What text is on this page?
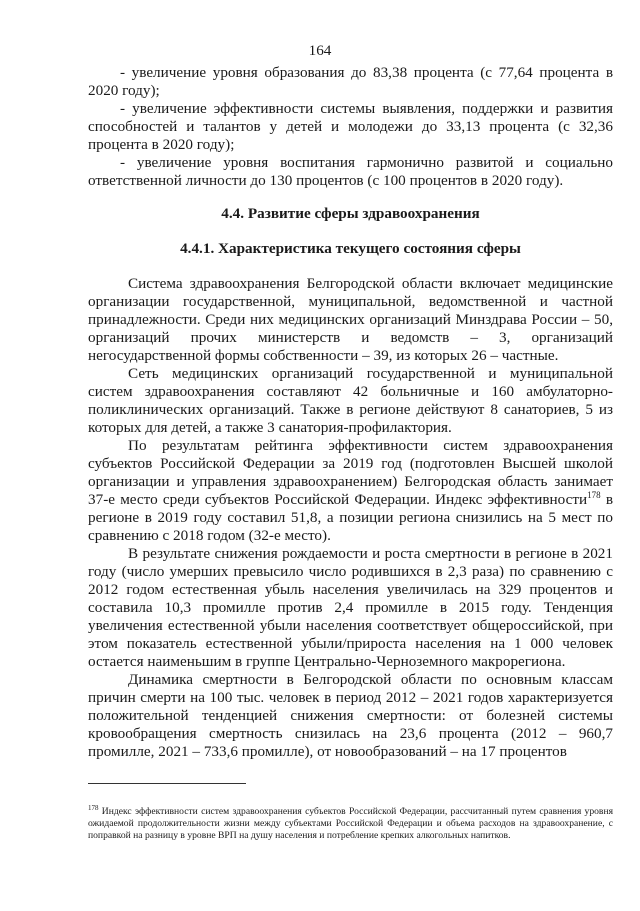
164

- увеличение уровня образования до 83,38 процента (с 77,64 процента в 2020 году);

- увеличение эффективности системы выявления, поддержки и развития способностей и талантов у детей и молодежи до 33,13 процента (с 32,36 процента в 2020 году);

- увеличение уровня воспитания гармонично развитой и социально ответственной личности до 130 процентов (с 100 процентов в 2020 году).

4.4. Развитие сферы здравоохранения

4.4.1. Характеристика текущего состояния сферы

Система здравоохранения Белгородской области включает медицинские организации государственной, муниципальной, ведомственной и частной принадлежности. Среди них медицинских организаций Минздрава России – 50, организаций прочих министерств и ведомств – 3, организаций негосударственной формы собственности – 39, из которых 26 – частные.

Сеть медицинских организаций государственной и муниципальной систем здравоохранения составляют 42 больничные и 160 амбулаторно-поликлинических организаций. Также в регионе действуют 8 санаториев, 5 из которых для детей, а также 3 санатория-профилактория.

По результатам рейтинга эффективности систем здравоохранения субъектов Российской Федерации за 2019 год (подготовлен Высшей школой организации и управления здравоохранением) Белгородская область занимает 37-е место среди субъектов Российской Федерации. Индекс эффективности$^{178}$ в регионе в 2019 году составил 51,8, а позиции региона снизились на 5 мест по сравнению с 2018 годом (32-е место).

В результате снижения рождаемости и роста смертности в регионе в 2021 году (число умерших превысило число родившихся в 2,3 раза) по сравнению с 2012 годом естественная убыль населения увеличилась на 329 процентов и составила 10,3 промилле против 2,4 промилле в 2015 году. Тенденция увеличения естественной убыли населения соответствует общероссийской, при этом показатель естественной убыли/прироста населения на 1 000 человек остается наименьшим в группе Центрально-Черноземного макрорегиона.

Динамика смертности в Белгородской области по основным классам причин смерти на 100 тыс. человек в период 2012 – 2021 годов характеризуется положительной тенденцией снижения смертности: от болезней системы кровообращения смертность снизилась на 23,6 процента (2012 – 960,7 промилле, 2021 – 733,6 промилле), от новообразований – на 17 процентов

$^{178}$ Индекс эффективности систем здравоохранения субъектов Российской Федерации, рассчитанный путем сравнения уровня ожидаемой продолжительности жизни между субъектами Российской Федерации и объема расходов на здравоохранение, с поправкой на разницу в уровне ВРП на душу населения и потребление крепких алкогольных напитков.
